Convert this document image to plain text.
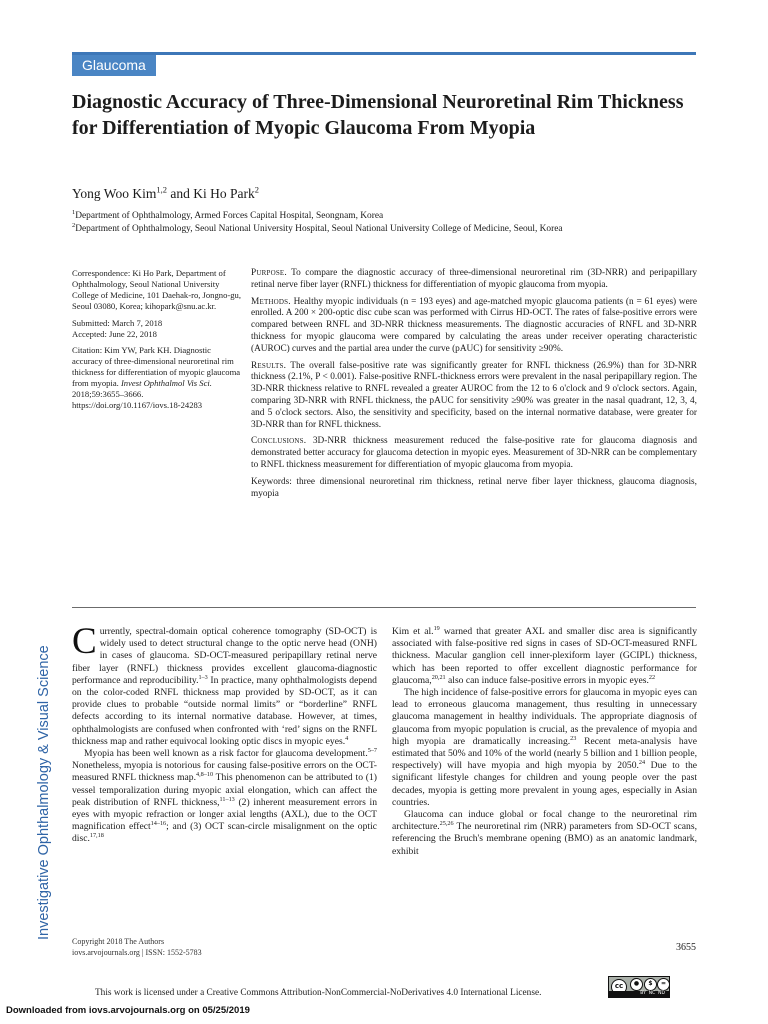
Glaucoma
Diagnostic Accuracy of Three-Dimensional Neuroretinal Rim Thickness for Differentiation of Myopic Glaucoma From Myopia
Yong Woo Kim$^{1,2}$ and Ki Ho Park$^2$
$^1$Department of Ophthalmology, Armed Forces Capital Hospital, Seongnam, Korea
$^2$Department of Ophthalmology, Seoul National University Hospital, Seoul National University College of Medicine, Seoul, Korea

Correspondence: Ki Ho Park, Department of Ophthalmology, Seoul National University College of Medicine, 101 Daehak-ro, Jongno-gu, Seoul 03080, Korea; kihopark@snu.ac.kr.

Submitted: March 7, 2018
Accepted: June 22, 2018

Citation: Kim YW, Park KH. Diagnostic accuracy of three-dimensional neuroretinal rim thickness for differentiation of myopic glaucoma from myopia. Invest Ophthalmol Vis Sci. 2018;59:3655–3666. https://doi.org/10.1167/iovs.18-24283

Purpose. To compare the diagnostic accuracy of three-dimensional neuroretinal rim (3D-NRR) and peripapillary retinal nerve fiber layer (RNFL) thickness for differentiation of myopic glaucoma from myopia.

Methods. Healthy myopic individuals (n = 193 eyes) and age-matched myopic glaucoma patients (n = 61 eyes) were enrolled. A 200 × 200-optic disc cube scan was performed with Cirrus HD-OCT. The rates of false-positive errors were compared between RNFL and 3D-NRR thickness measurements. The diagnostic accuracies of RNFL and 3D-NRR thickness for myopic glaucoma were compared by calculating the areas under receiver operating characteristic (AUROC) curves and the partial area under the curve (pAUC) for sensitivity ≥90%.

Results. The overall false-positive rate was significantly greater for RNFL thickness (26.9%) than for 3D-NRR thickness (2.1%, P < 0.001). False-positive RNFL-thickness errors were prevalent in the nasal peripapillary region. The 3D-NRR thickness relative to RNFL revealed a greater AUROC from the 12 to 6 o'clock and 9 o'clock sectors. Again, comparing 3D-NRR with RNFL thickness, the pAUC for sensitivity ≥90% was greater in the nasal quadrant, 12, 3, 4, and 5 o'clock sectors. Also, the sensitivity and specificity, based on the internal normative database, were greater for 3D-NRR than for RNFL thickness.

Conclusions. 3D-NRR thickness measurement reduced the false-positive rate for glaucoma diagnosis and demonstrated better accuracy for glaucoma detection in myopic eyes. Measurement of 3D-NRR can be complementary to RNFL thickness measurement for differentiation of myopic glaucoma from myopia.

Keywords: three dimensional neuroretinal rim thickness, retinal nerve fiber layer thickness, glaucoma diagnosis, myopia

Investigative Ophthalmology & Visual Science

Currently, spectral-domain optical coherence tomography (SD-OCT) is widely used to detect structural change to the optic nerve head (ONH) in cases of glaucoma. SD-OCT-measured peripapillary retinal nerve fiber layer (RNFL) thickness provides excellent glaucoma-diagnostic performance and reproducibility.$^{1-3}$ In practice, many ophthalmologists depend on the color-coded RNFL thickness map provided by SD-OCT, as it can provide clues to probable “outside normal limits” or “borderline” RNFL defects according to its internal normative database. However, at times, ophthalmologists are confused when confronted with ‘red’ signs on the RNFL thickness map and rather equivocal looking optic discs in myopic eyes.$^4$

Myopia has been well known as a risk factor for glaucoma development.$^{5-7}$ Nonetheless, myopia is notorious for causing false-positive errors on the OCT-measured RNFL thickness map.$^{4,8-10}$ This phenomenon can be attributed to (1) vessel temporalization during myopic axial elongation, which can affect the peak distribution of RNFL thickness,$^{11-13}$ (2) inherent measurement errors in eyes with myopic refraction or longer axial lengths (AXL), due to the OCT magnification effect$^{14-16}$; and (3) OCT scan-circle misalignment on the optic disc.$^{17,18}$

Kim et al.$^{19}$ warned that greater AXL and smaller disc area is significantly associated with false-positive red signs in cases of SD-OCT-measured RNFL thickness. Macular ganglion cell inner-plexiform layer (GCIPL) thickness, which has been reported to offer excellent diagnostic performance for glaucoma,$^{20,21}$ also can induce false-positive errors in myopic eyes.$^{22}$

The high incidence of false-positive errors for glaucoma in myopic eyes can lead to erroneous glaucoma management, thus resulting in unnecessary glaucoma management in healthy individuals. The appropriate diagnosis of glaucoma from myopic population is crucial, as the prevalence of myopia and high myopia are dramatically increasing.$^{23}$ Recent meta-analysis have estimated that 50% and 10% of the world (nearly 5 billion and 1 billion people, respectively) will have myopia and high myopia by 2050.24 Due to the significant lifestyle changes for children and young people over the past decades, myopia is getting more prevalent in young ages, especially in Asian countries.

Glaucoma can induce global or focal change to the neuroretinal rim architecture.$^{25,26}$ The neuroretinal rim (NRR) parameters from SD-OCT scans, referencing the Bruch's membrane opening (BMO) as an anatomic landmark, exhibit

Copyright 2018 The Authors
iovs.arvojournals.org | ISSN: 1552-5783	3655
This work is licensed under a Creative Commons Attribution-NonCommercial-NoDerivatives 4.0 International License.
cc	●	$	=
BY NC ND
Downloaded from iovs.arvojournals.org on 05/25/2019
